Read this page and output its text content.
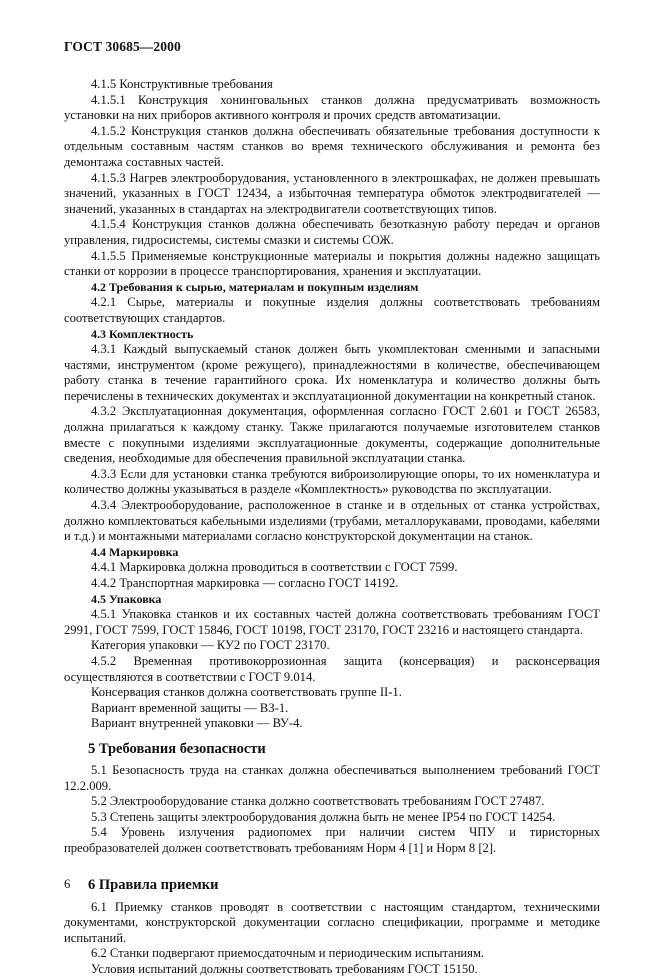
ГОСТ 30685—2000

4.1.5 Конструктивные требования

4.1.5.1 Конструкция хонинговальных станков должна предусматривать возможность установки на них приборов активного контроля и прочих средств автоматизации.

4.1.5.2 Конструкция станков должна обеспечивать обязательные требования доступности к отдельным составным частям станков во время технического обслуживания и ремонта без демонтажа составных частей.

4.1.5.3 Нагрев электрооборудования, установленного в электрошкафах, не должен превышать значений, указанных в ГОСТ 12434, а избыточная температура обмоток электродвигателей — значений, указанных в стандартах на электродвигатели соответствующих типов.

4.1.5.4 Конструкция станков должна обеспечивать безотказную работу передач и органов управления, гидросистемы, системы смазки и системы СОЖ.

4.1.5.5 Применяемые конструкционные материалы и покрытия должны надежно защищать станки от коррозии в процессе транспортирования, хранения и эксплуатации.

4.2 Требования к сырью, материалам и покупным изделиям

4.2.1 Сырье, материалы и покупные изделия должны соответствовать требованиям соответствующих стандартов.

4.3 Комплектность

4.3.1 Каждый выпускаемый станок должен быть укомплектован сменными и запасными частями, инструментом (кроме режущего), принадлежностями в количестве, обеспечивающем работу станка в течение гарантийного срока. Их номенклатура и количество должны быть перечислены в технических документах и эксплуатационной документации на конкретный станок.

4.3.2 Эксплуатационная документация, оформленная согласно ГОСТ 2.601 и ГОСТ 26583, должна прилагаться к каждому станку. Также прилагаются получаемые изготовителем станков вместе с покупными изделиями эксплуатационные документы, содержащие дополнительные сведения, необходимые для обеспечения правильной эксплуатации станка.

4.3.3 Если для установки станка требуются виброизолирующие опоры, то их номенклатура и количество должны указываться в разделе «Комплектность» руководства по эксплуатации.

4.3.4 Электрооборудование, расположенное в станке и в отдельных от станка устройствах, должно комплектоваться кабельными изделиями (трубами, металлорукавами, проводами, кабелями и т.д.) и монтажными материалами согласно конструкторской документации на станок.

4.4 Маркировка

4.4.1 Маркировка должна проводиться в соответствии с ГОСТ 7599.

4.4.2 Транспортная маркировка — согласно ГОСТ 14192.

4.5 Упаковка

4.5.1 Упаковка станков и их составных частей должна соответствовать требованиям ГОСТ 2991, ГОСТ 7599, ГОСТ 15846, ГОСТ 10198, ГОСТ 23170, ГОСТ 23216 и настоящего стандарта.

Категория упаковки — КУ2 по ГОСТ 23170.

4.5.2 Временная противокоррозионная защита (консервация) и расконсервация осуществляются в соответствии с ГОСТ 9.014.

Консервация станков должна соответствовать группе II-1.

Вариант временной защиты — ВЗ-1.

Вариант внутренней упаковки — ВУ-4.

5 Требования безопасности

5.1 Безопасность труда на станках должна обеспечиваться выполнением требований ГОСТ 12.2.009.

5.2 Электрооборудование станка должно соответствовать требованиям ГОСТ 27487.

5.3 Степень защиты электрооборудования должна быть не менее IP54 по ГОСТ 14254.

5.4 Уровень излучения радиопомех при наличии систем ЧПУ и тиристорных преобразователей должен соответствовать требованиям Норм 4 [1] и Норм 8 [2].

6 Правила приемки

6.1 Приемку станков проводят в соответствии с настоящим стандартом, техническими документами, конструкторской документации согласно спецификации, программе и методике испытаний.

6.2 Станки подвергают приемосдаточным и периодическим испытаниям.

Условия испытаний должны соответствовать требованиям ГОСТ 15150.

6
